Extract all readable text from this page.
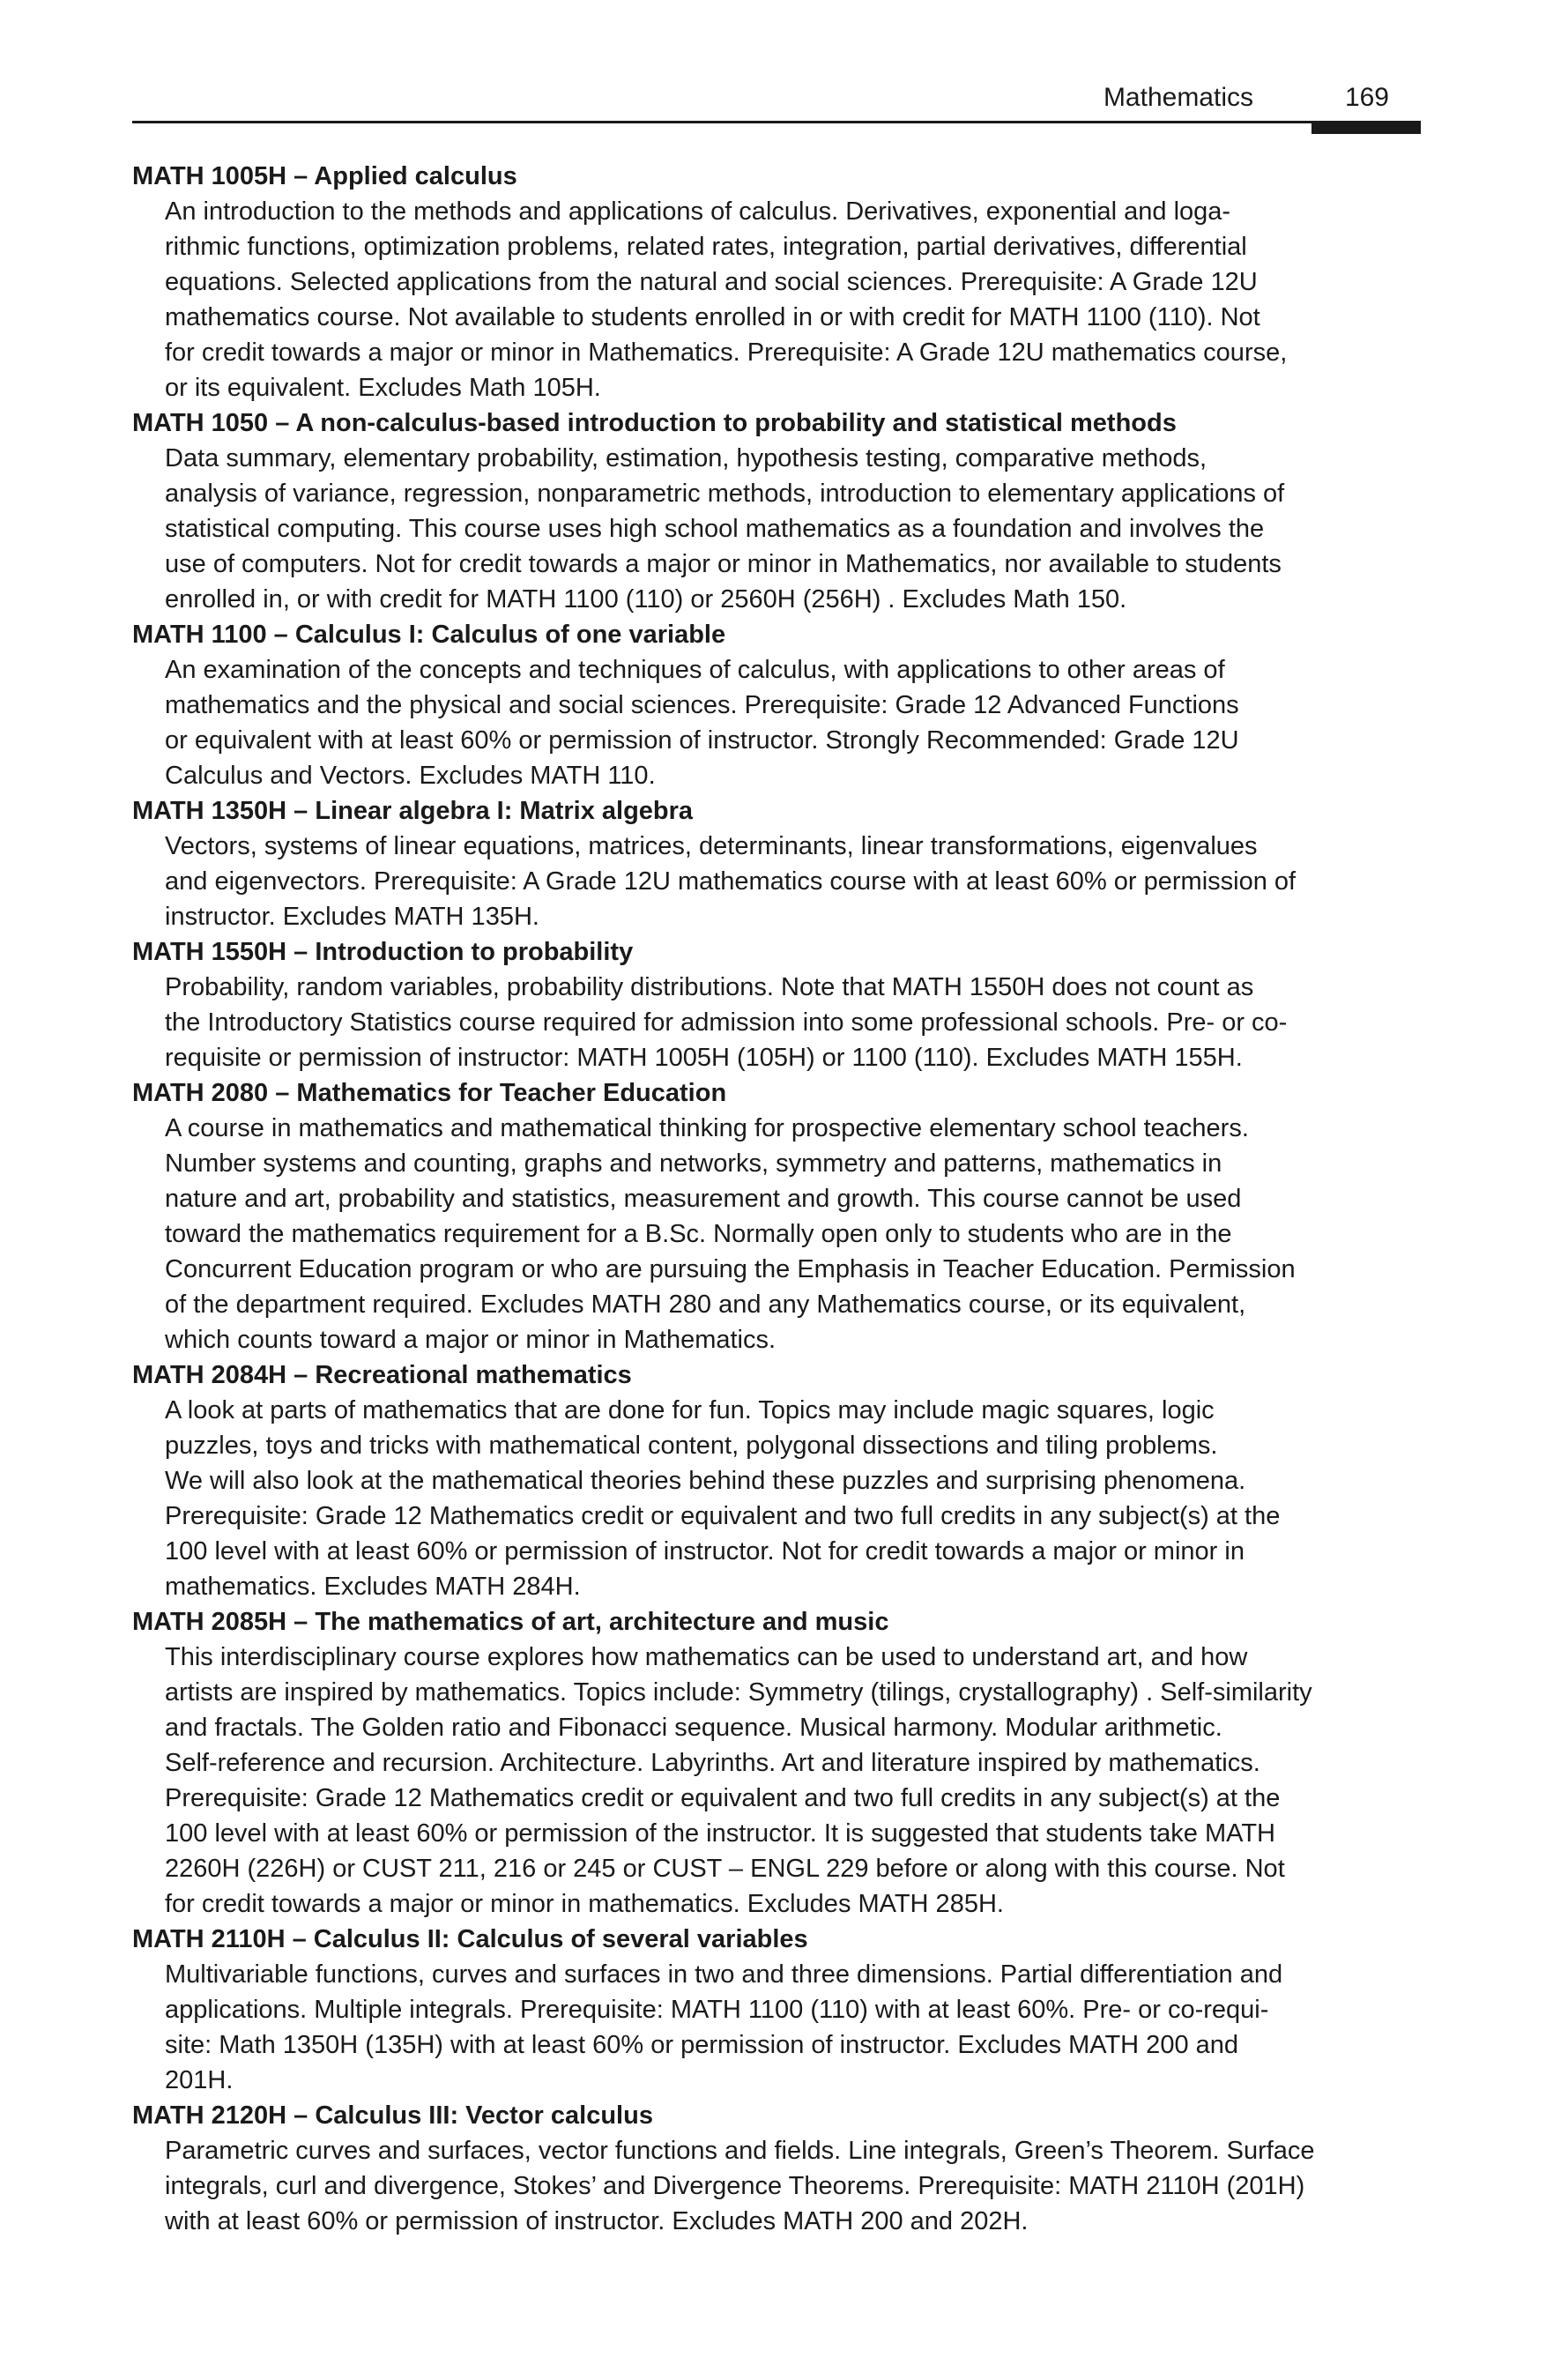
Mathematics	169
MATH 1005H – Applied calculus
An introduction to the methods and applications of calculus. Derivatives, exponential and loga-
rithmic functions, optimization problems, related rates, integration, partial derivatives, differential
equations. Selected applications from the natural and social sciences. Prerequisite: A Grade 12U
mathematics course. Not available to students enrolled in or with credit for MATH 1100 (110). Not
for credit towards a major or minor in Mathematics. Prerequisite: A Grade 12U mathematics course,
or its equivalent. Excludes Math 105H.
MATH 1050 – A non-calculus-based introduction to probability and statistical methods
Data summary, elementary probability, estimation, hypothesis testing, comparative methods,
analysis of variance, regression, nonparametric methods, introduction to elementary applications of
statistical computing. This course uses high school mathematics as a foundation and involves the
use of computers. Not for credit towards a major or minor in Mathematics, nor available to students
enrolled in, or with credit for MATH 1100 (110) or 2560H (256H) . Excludes Math 150.
MATH 1100 – Calculus I: Calculus of one variable
An examination of the concepts and techniques of calculus, with applications to other areas of
mathematics and the physical and social sciences. Prerequisite: Grade 12 Advanced Functions
or equivalent with at least 60% or permission of instructor. Strongly Recommended: Grade 12U
Calculus and Vectors. Excludes MATH 110.
MATH 1350H – Linear algebra I: Matrix algebra
Vectors, systems of linear equations, matrices, determinants, linear transformations, eigenvalues
and eigenvectors. Prerequisite: A Grade 12U mathematics course with at least 60% or permission of
instructor. Excludes MATH 135H.
MATH 1550H – Introduction to probability
Probability, random variables, probability distributions. Note that MATH 1550H does not count as
the Introductory Statistics course required for admission into some professional schools. Pre- or co-
requisite or permission of instructor: MATH 1005H (105H) or 1100 (110). Excludes MATH 155H.
MATH 2080 – Mathematics for Teacher Education
A course in mathematics and mathematical thinking for prospective elementary school teachers.
Number systems and counting, graphs and networks, symmetry and patterns, mathematics in
nature and art, probability and statistics, measurement and growth. This course cannot be used
toward the mathematics requirement for a B.Sc. Normally open only to students who are in the
Concurrent Education program or who are pursuing the Emphasis in Teacher Education. Permission
of the department required. Excludes MATH 280 and any Mathematics course, or its equivalent,
which counts toward a major or minor in Mathematics.
MATH 2084H – Recreational mathematics
A look at parts of mathematics that are done for fun. Topics may include magic squares, logic
puzzles, toys and tricks with mathematical content, polygonal dissections and tiling problems.
We will also look at the mathematical theories behind these puzzles and surprising phenomena.
Prerequisite: Grade 12 Mathematics credit or equivalent and two full credits in any subject(s) at the
100 level with at least 60% or permission of instructor. Not for credit towards a major or minor in
mathematics. Excludes MATH 284H.
MATH 2085H – The mathematics of art, architecture and music
This interdisciplinary course explores how mathematics can be used to understand art, and how
artists are inspired by mathematics. Topics include: Symmetry (tilings, crystallography) . Self-similarity
and fractals. The Golden ratio and Fibonacci sequence. Musical harmony. Modular arithmetic.
Self-reference and recursion. Architecture. Labyrinths. Art and literature inspired by mathematics.
Prerequisite: Grade 12 Mathematics credit or equivalent and two full credits in any subject(s) at the
100 level with at least 60% or permission of the instructor. It is suggested that students take MATH
2260H (226H) or CUST 211, 216 or 245 or CUST – ENGL 229 before or along with this course. Not
for credit towards a major or minor in mathematics. Excludes MATH 285H.
MATH 2110H – Calculus II: Calculus of several variables
Multivariable functions, curves and surfaces in two and three dimensions. Partial differentiation and
applications. Multiple integrals. Prerequisite: MATH 1100 (110) with at least 60%. Pre- or co-requi-
site: Math 1350H (135H) with at least 60% or permission of instructor. Excludes MATH 200 and
201H.
MATH 2120H – Calculus III: Vector calculus
Parametric curves and surfaces, vector functions and fields. Line integrals, Green’s Theorem. Surface
integrals, curl and divergence, Stokes’ and Divergence Theorems. Prerequisite: MATH 2110H (201H)
with at least 60% or permission of instructor. Excludes MATH 200 and 202H.
